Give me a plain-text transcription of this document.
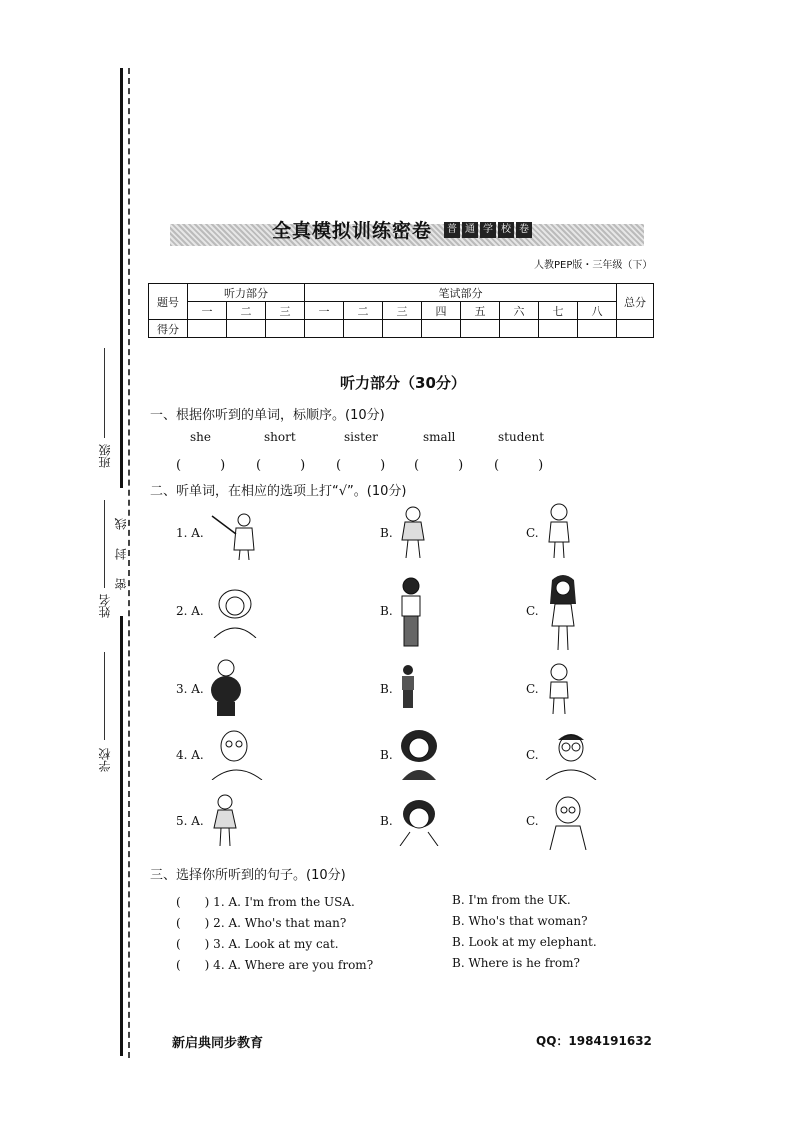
班级
姓名
学校
密
封
线
全真模拟训练密卷	普 通 学 校 卷
人教PEP版・三年级（下）
题号	听力部分			笔试部分								总分
	一	二	三	一	二	三	四	五	六	七	八	
得分												
听力部分（30分）
一、根据你听到的单词，标顺序。(10分)
she	short	sister	small	student
(　　　) (　　　) (　　　) (　　　) (　　　)
二、听单词，在相应的选项上打“√”。(10分)
1. A.	B.	C.
2. A.	B.	C.
3. A.	B.	C.
4. A.	B.	C.
5. A.	B.	C.
三、选择你所听到的句子。(10分)
(　　) 1. A. I'm from the USA.	B. I'm from the UK.
(　　) 2. A. Who's that man?	B. Who's that woman?
(　　) 3. A. Look at my cat.	B. Look at my elephant.
(　　) 4. A. Where are you from?	B. Where is he from?
新启典同步教育	QQ：1984191632
